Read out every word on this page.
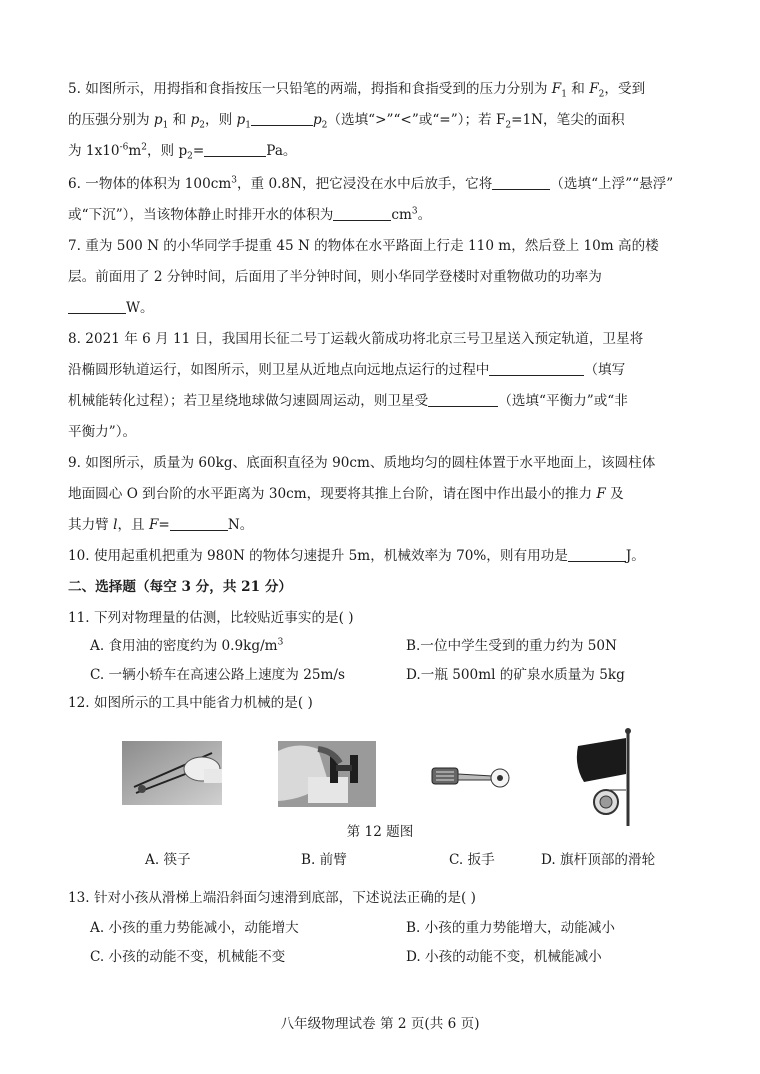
5. 如图所示，用拇指和食指按压一只铅笔的两端，拇指和食指受到的压力分别为 $F_1$ 和 $F_2$，受到

的压强分别为 $p_1$ 和 $p_2$，则 $p_1$	$p_2$（选填“>”“<”或“=”）；若 $F_2=1N$，笔尖的面积

为 $1x10^{-6}m^2$，则 $p_2=$	Pa。

6. 一物体的体积为 $100cm^3$，重 0.8N，把它浸没在水中后放手，它将	（选填“上浮”“悬浮”

或“下沉”），当该物体静止时排开水的体积为	$cm^3$。

7. 重为 500 N 的小华同学手提重 45 N 的物体在水平路面上行走 110 m，然后登上 10m 高的楼

层。前面用了 2 分钟时间，后面用了半分钟时间，则小华同学登楼时对重物做功的功率为

W。

8. 2021 年 6 月 11 日，我国用长征二号丁运载火箭成功将北京三号卫星送入预定轨道，卫星将

沿椭圆形轨道运行，如图所示，则卫星从近地点向远地点运行的过程中	（填写

机械能转化过程）；若卫星绕地球做匀速圆周运动，则卫星受	（选填“平衡力”或“非

平衡力”）。

9. 如图所示，质量为 60kg、底面积直径为 90cm、质地均匀的圆柱体置于水平地面上，该圆柱体

地面圆心 O 到台阶的水平距离为 30cm，现要将其推上台阶，请在图中作出最小的推力 F 及

其力臂 l，且 F=	N。

10. 使用起重机把重为 980N 的物体匀速提升 5m，机械效率为 70%，则有用功是	J。

二、选择题（每空 3 分，共 21 分）
11. 下列对物理量的估测，比较贴近事实的是( )
A. 食用油的密度约为 $0.9kg/m^3$	B.一位中学生受到的重力约为 50N
C. 一辆小轿车在高速公路上速度为 25m/s	D.一瓶 500ml 的矿泉水质量为 5kg
12. 如图所示的工具中能省力机械的是( )
第 12 题图
A. 筷子	B. 前臂	C. 扳手	D. 旗杆顶部的滑轮
13. 针对小孩从滑梯上端沿斜面匀速滑到底部，下述说法正确的是( )
A. 小孩的重力势能减小，动能增大	B. 小孩的重力势能增大，动能减小
C. 小孩的动能不变，机械能不变	D. 小孩的动能不变，机械能减小
八年级物理试卷 第 2 页(共 6 页)
